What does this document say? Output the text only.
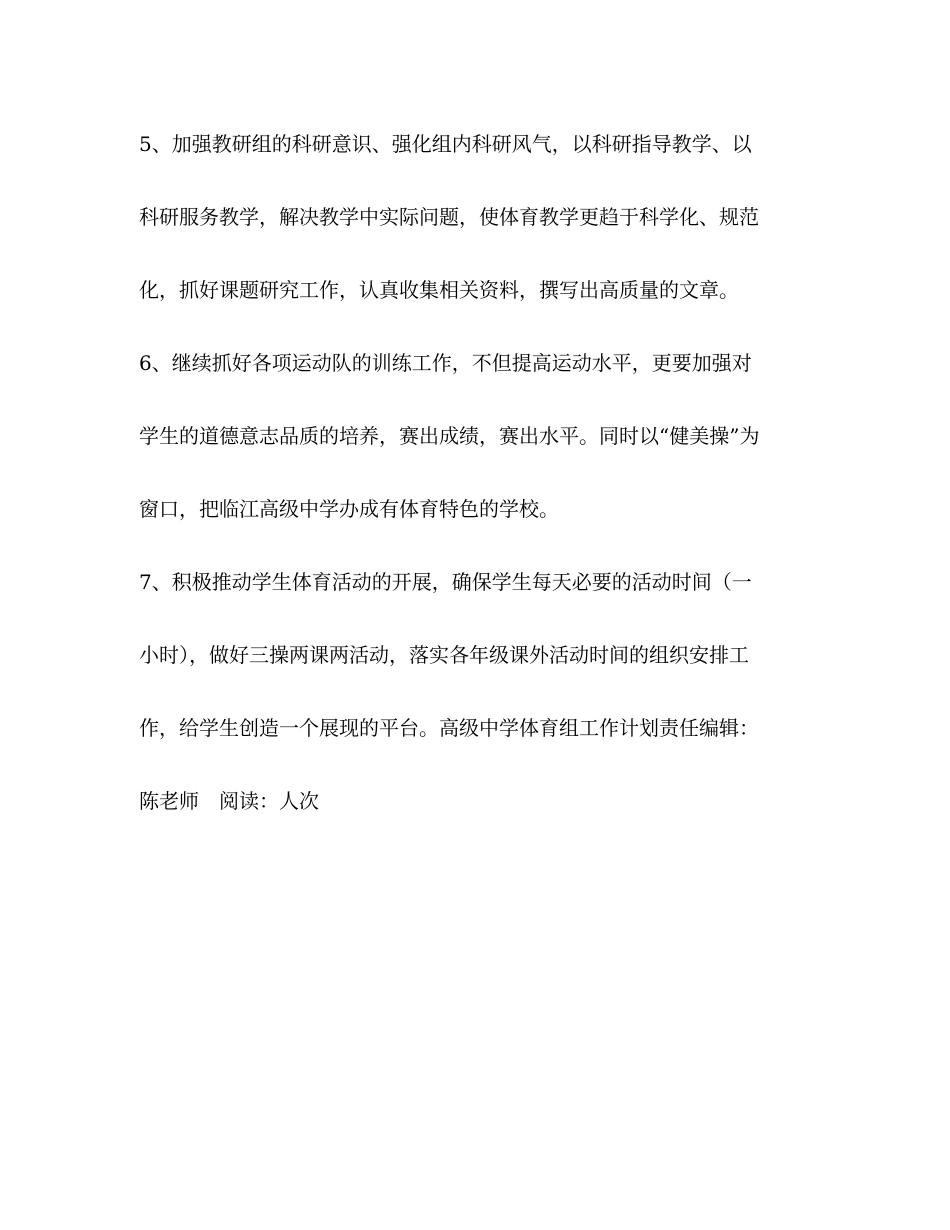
5、加强教研组的科研意识、强化组内科研风气，以科研指导教学、以
科研服务教学，解决教学中实际问题，使体育教学更趋于科学化、规范
化，抓好课题研究工作，认真收集相关资料，撰写出高质量的文章。
6、继续抓好各项运动队的训练工作，不但提高运动水平，更要加强对
学生的道德意志品质的培养，赛出成绩，赛出水平。同时以“健美操”为
窗口，把临江高级中学办成有体育特色的学校。
7、积极推动学生体育活动的开展，确保学生每天必要的活动时间（一
小时），做好三操两课两活动，落实各年级课外活动时间的组织安排工
作，给学生创造一个展现的平台。高级中学体育组工作计划责任编辑：
陈老师　阅读：人次
